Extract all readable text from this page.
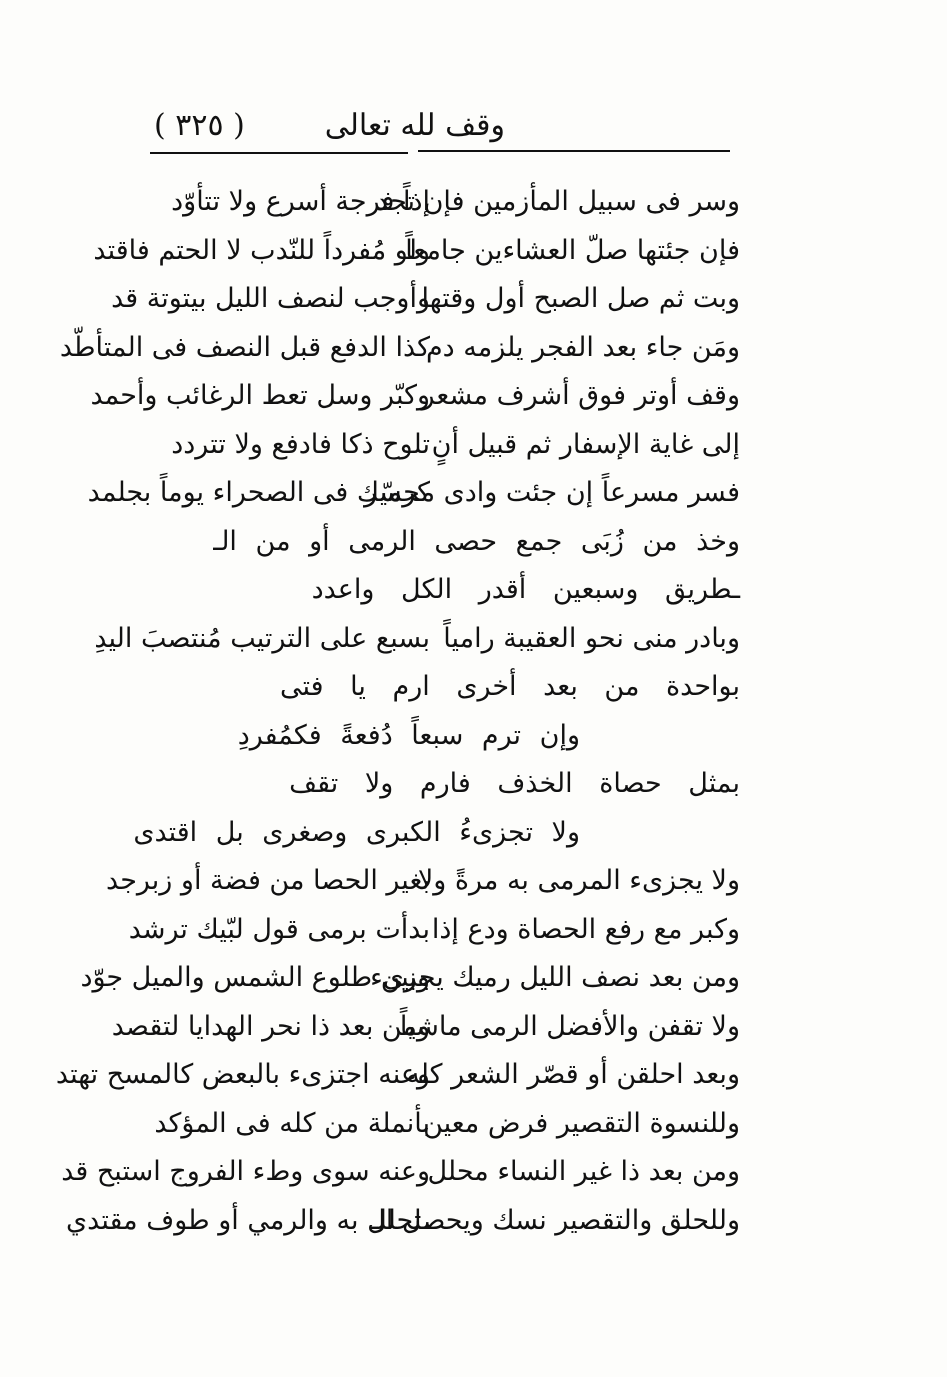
( ٣٢٥ )	وقف لله تعالى
وسر فى سبيل المأزمين فإن تجد
إذاً فرجة أسرع ولا تتأوّد
فإن جئتها صلّ العشاءين جامعاً
ولو مُفرداً للنّدب لا الحتم فاقتد
وبت ثم صل الصبح أول وقتها
وأوجب لنصف الليل بيتوتة قد
ومَن جاء بعد الفجر يلزمه دم
كذا الدفع قبل النصف فى المتأطّد
وقف أوتر فوق أشرف مشعر
وكبّر وسل تعط الرغائب وأحمد
إلى غاية الإسفار ثم قبيل أنٍ
تلوح ذكا فادفع ولا تتردد
فسر مسرعاً إن جئت وادى محسّر
كرميك فى الصحراء يوماً بجلمد
وخذ من زُبَى جمع حصى الرمى أو من الـ
ـطريق وسبعين أقدر الكل واعدد
وبادر منى نحو العقيبة رامياً
بسبع على الترتيب مُنتصبَ اليدِ
بواحدة من بعد أخرى ارم يا فتى
وإن ترم سبعاً دُفعةً فكمُفردِ
بمثل حصاة الخذف فارم ولا تقف
ولا تجزىءُ الكبرى وصغرى بل اقتدى
ولا يجزىء المرمى به مرةً ولا
بغير الحصا من فضة أو زبرجد
وكبر مع رفع الحصاة ودع إذا
بدأت برمى قول لبّيك ترشد
ومن بعد نصف الليل رميك يجزىء
وبين طلوع الشمس والميل جوّد
ولا تقفن والأفضل الرمى ماشياً
ومن بعد ذا نحر الهدايا لتقصد
وبعد احلقن أو قصّر الشعر كله
وعنه اجتزىء بالبعض كالمسح تهتد
وللنسوة التقصير فرض معين
بأنملة من كله فى المؤكد
ومن بعد ذا غير النساء محلل
وعنه سوى وطء الفروج استبح قد
وللحلق والتقصير نسك ويحصل الـ
ـتحلل به والرمي أو طوف مقتدي
